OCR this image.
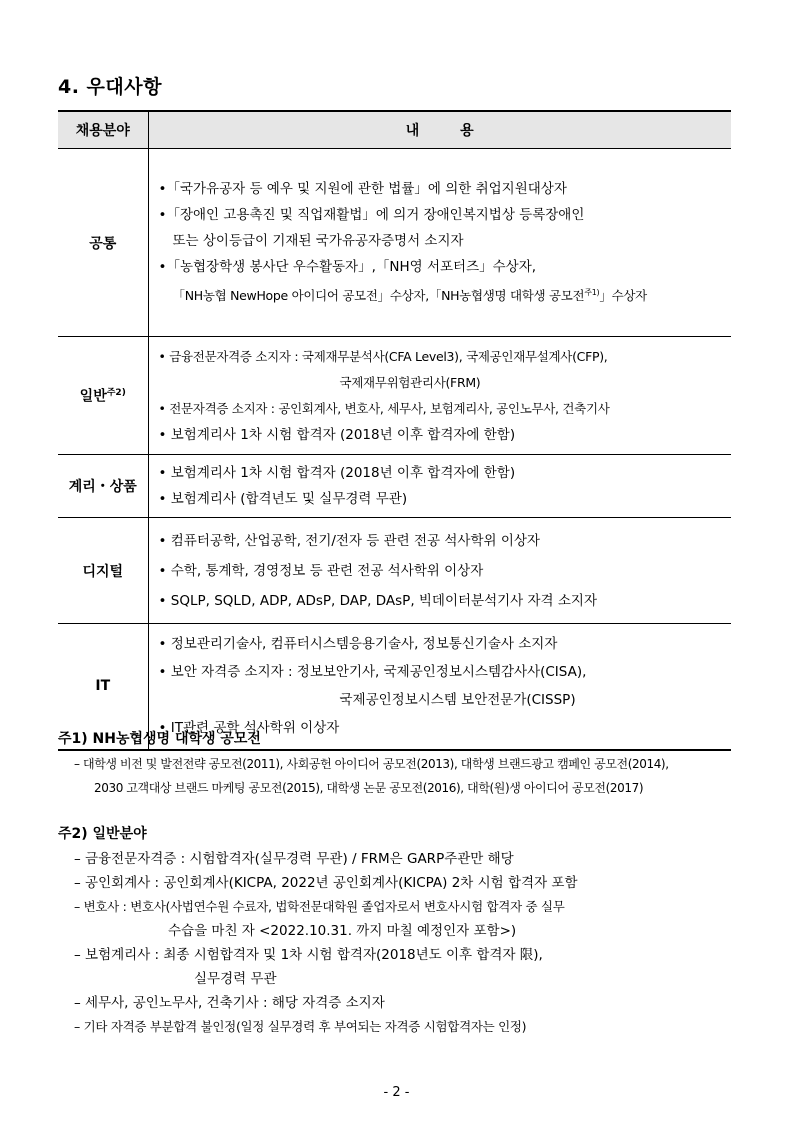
4. 우대사항
채용분야	내 용
공통	•「국가유공자 등 예우 및 지원에 관한 법률」에 의한 취업지원대상자
•「장애인 고용촉진 및 직업재활법」에 의거 장애인복지법상 등록장애인
또는 상이등급이 기재된 국가유공자증명서 소지자
•「농협장학생 봉사단 우수활동자」,「NH영 서포터즈」수상자,
「NH농협 NewHope 아이디어 공모전」수상자,「NH농협생명 대학생 공모전$^{주1)}$」수상자

일반$^{주2)}$	• 금융전문자격증 소지자 : 국제재무분석사(CFA Level3), 국제공인재무설계사(CFP),
국제재무위험관리사(FRM)
• 전문자격증 소지자 : 공인회계사, 변호사, 세무사, 보험계리사, 공인노무사, 건축기사
• 보험계리사 1차 시험 합격자 (2018년 이후 합격자에 한함)

계리・상품	• 보험계리사 1차 시험 합격자 (2018년 이후 합격자에 한함)
• 보험계리사 (합격년도 및 실무경력 무관)

디지털	• 컴퓨터공학, 산업공학, 전기/전자 등 관련 전공 석사학위 이상자
• 수학, 통계학, 경영정보 등 관련 전공 석사학위 이상자
• SQLP, SQLD, ADP, ADsP, DAP, DAsP, 빅데이터분석기사 자격 소지자

IT	• 정보관리기술사, 컴퓨터시스템응용기술사, 정보통신기술사 소지자
• 보안 자격증 소지자 : 정보보안기사, 국제공인정보시스템감사사(CISA),
국제공인정보시스템 보안전문가(CISSP)
• IT관련 공학 석사학위 이상자
주1) NH농협생명 대학생 공모전
– 대학생 비전 및 발전전략 공모전(2011), 사회공헌 아이디어 공모전(2013), 대학생 브랜드광고 캠페인 공모전(2014),
2030 고객대상 브랜드 마케팅 공모전(2015), 대학생 논문 공모전(2016), 대학(원)생 아이디어 공모전(2017)
주2) 일반분야
– 금융전문자격증 : 시험합격자(실무경력 무관) / FRM은 GARP주관만 해당
– 공인회계사 : 공인회계사(KICPA, 2022년 공인회계사(KICPA) 2차 시험 합격자 포함
– 변호사 : 변호사(사법연수원 수료자, 법학전문대학원 졸업자로서 변호사시험 합격자 중 실무
수습을 마친 자 <2022.10.31. 까지 마칠 예정인자 포함>)
– 보험계리사 : 최종 시험합격자 및 1차 시험 합격자(2018년도 이후 합격자 限),
실무경력 무관
– 세무사, 공인노무사, 건축기사 : 해당 자격증 소지자
– 기타 자격증 부분합격 불인정(일정 실무경력 후 부여되는 자격증 시험합격자는 인정)
- 2 -
